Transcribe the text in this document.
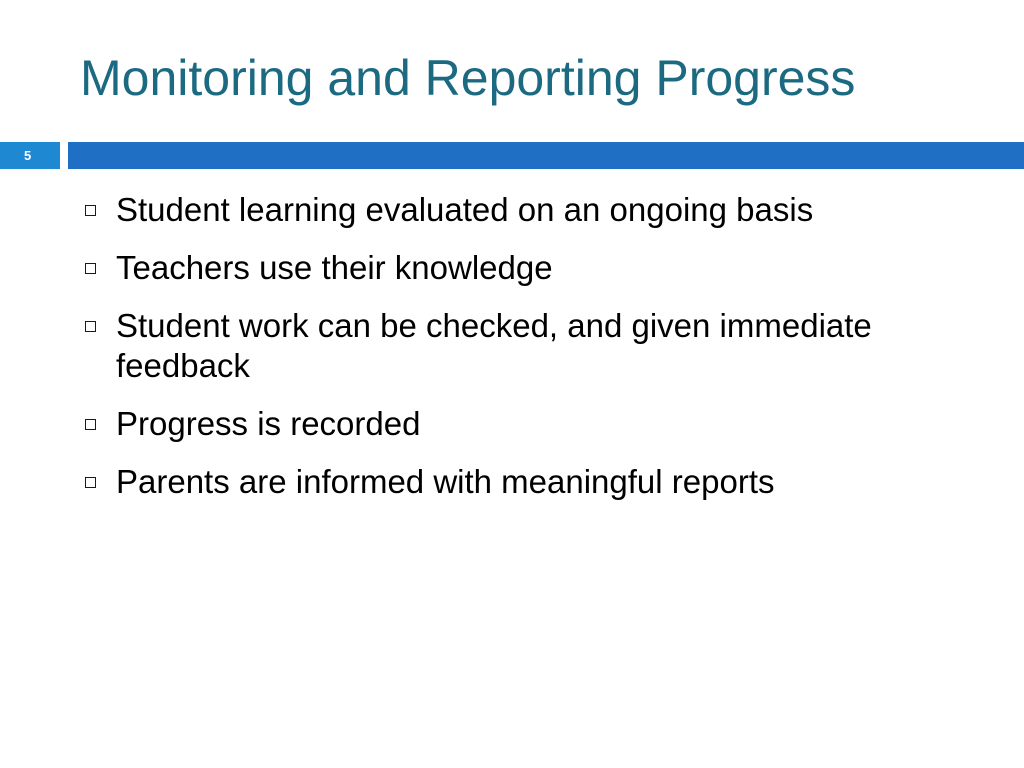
Monitoring and Reporting Progress
5
Student learning evaluated on an ongoing basis
Teachers use their knowledge
Student work can be checked, and given immediate feedback
Progress is recorded
Parents are informed with meaningful reports
